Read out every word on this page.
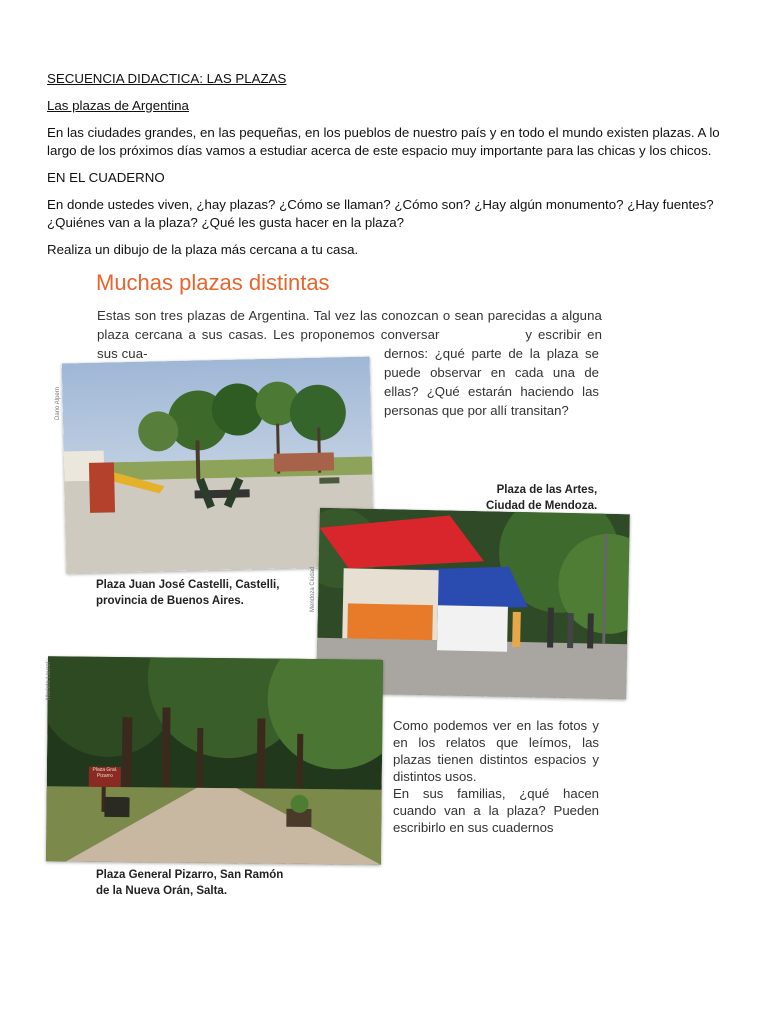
SECUENCIA DIDACTICA: LAS PLAZAS

Las plazas de Argentina

En las ciudades grandes, en las pequeñas, en los pueblos de nuestro país y en todo el mundo existen plazas. A lo largo de los próximos días vamos a estudiar acerca de este espacio muy importante para las chicas y los chicos.

EN EL CUADERNO

En donde ustedes viven, ¿hay plazas? ¿Cómo se llaman? ¿Cómo son? ¿Hay algún monumento? ¿Hay fuentes? ¿Quiénes van a la plaza? ¿Qué les gusta hacer en la plaza?

Realiza un dibujo de la plaza más cercana a tu casa.

Muchas plazas distintas
Estas son tres plazas de Argentina. Tal vez las conozcan o sean parecidas a alguna plaza cercana a sus casas. Les proponemos conversar	y escribir en sus cua-	dernos: ¿qué parte de la plaza se puede observar en cada una de ellas? ¿Qué estarán haciendo las personas que por allí transitan?
Dario Alpern
Plaza Juan José Castelli, Castelli,
provincia de Buenos Aires.
Plaza de las Artes,
Ciudad de Mendoza.
Mendoza Ciudad
Plaza Gral. Pizarro
Mariela Laurel
Plaza General Pizarro, San Ramón
de la Nueva Orán, Salta.

Como podemos ver en las fotos y en los relatos que leímos, las plazas tienen distintos espacios y distintos usos.

En sus familias, ¿qué hacen cuando van a la plaza? Pueden escribirlo en sus cuadernos
